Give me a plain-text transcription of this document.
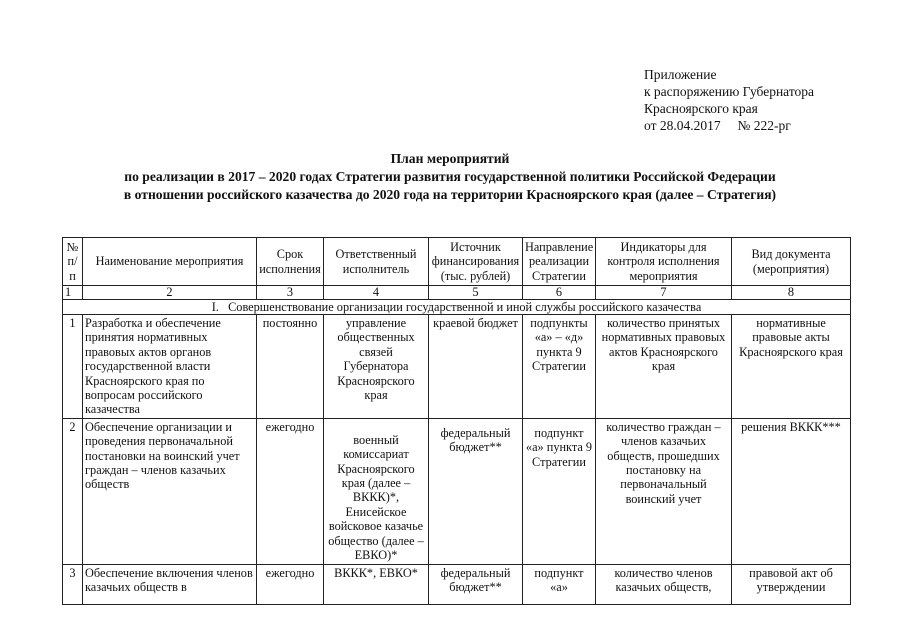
Приложение
к распоряжению Губернатора
Красноярского края
от 28.04.2017     № 222-рг
План мероприятий
по реализации в 2017 – 2020 годах Стратегии развития государственной политики Российской Федерации
в отношении российского казачества до 2020 года на территории Красноярского края (далее – Стратегия)
№ п/п	Наименование мероприятия	Срок исполнения	Ответственный исполнитель	Источник финансирования (тыс. рублей)	Направление реализации Стратегии	Индикаторы для контроля исполнения мероприятия	Вид документа (мероприятия)
1	2	3	4	5	6	7	8
I.   Совершенствование организации государственной и иной службы российского казачества							
1	Разработка и обеспечение принятия нормативных правовых актов органов государственной власти Красноярского края по вопросам российского казачества	постоянно	управление общественных связей Губернатора Красноярского края	краевой бюджет	подпункты «а» – «д» пункта 9 Стратегии	количество принятых нормативных правовых актов Красноярского края	нормативные правовые акты Красноярского края
2	Обеспечение организации и проведения первоначальной постановки на воинский учет граждан – членов казачьих обществ	ежегодно	военный комиссариат Красноярского края (далее – ВККК)*, Енисейское войсковое казачье общество (далее – ЕВКО)*	федеральный бюджет**	подпункт «а» пункта 9 Стратегии	количество граждан – членов казачьих обществ, прошедших постановку на первоначальный воинский учет	решения ВККК***
3	Обеспечение включения членов казачьих обществ в	ежегодно	ВККК*, ЕВКО*	федеральный бюджет**	подпункт «а»	количество членов казачьих обществ,	правовой акт об утверждении
